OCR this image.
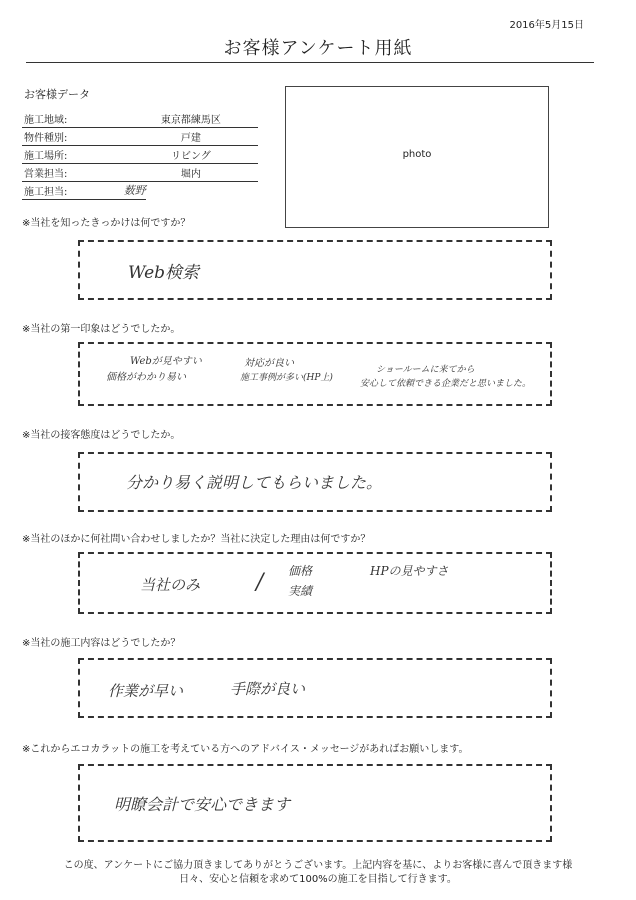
2016年5月15日
お客様アンケート用紙
お客様データ
施工地域:	東京都練馬区
物件種別:	戸建
施工場所:	リビング
営業担当:	堀内
施工担当:		薮野
photo
※当社を知ったきっかけは何ですか？
Web検索
※当社の第一印象はどうでしたか。
Webが見やすい
価格がわかり易い
対応が良い
施工事例が多い(HP上)
ショールームに来てから
安心して依頼できる企業だと思いました。
※当社の接客態度はどうでしたか。
分かり易く説明してもらいました。
※当社のほかに何社問い合わせしましたか？当社に決定した理由は何ですか？
当社のみ	/ 価格	HPの見やすさ
実績
※当社の施工内容はどうでしたか？
作業が早い	手際が良い
※これからエコカラットの施工を考えている方へのアドバイス・メッセージがあればお願いします。
明瞭会計で安心できます
この度、アンケートにご協力頂きましてありがとうございます。上記内容を基に、よりお客様に喜んで頂きます様
日々、安心と信頼を求めて100%の施工を目指して行きます。
